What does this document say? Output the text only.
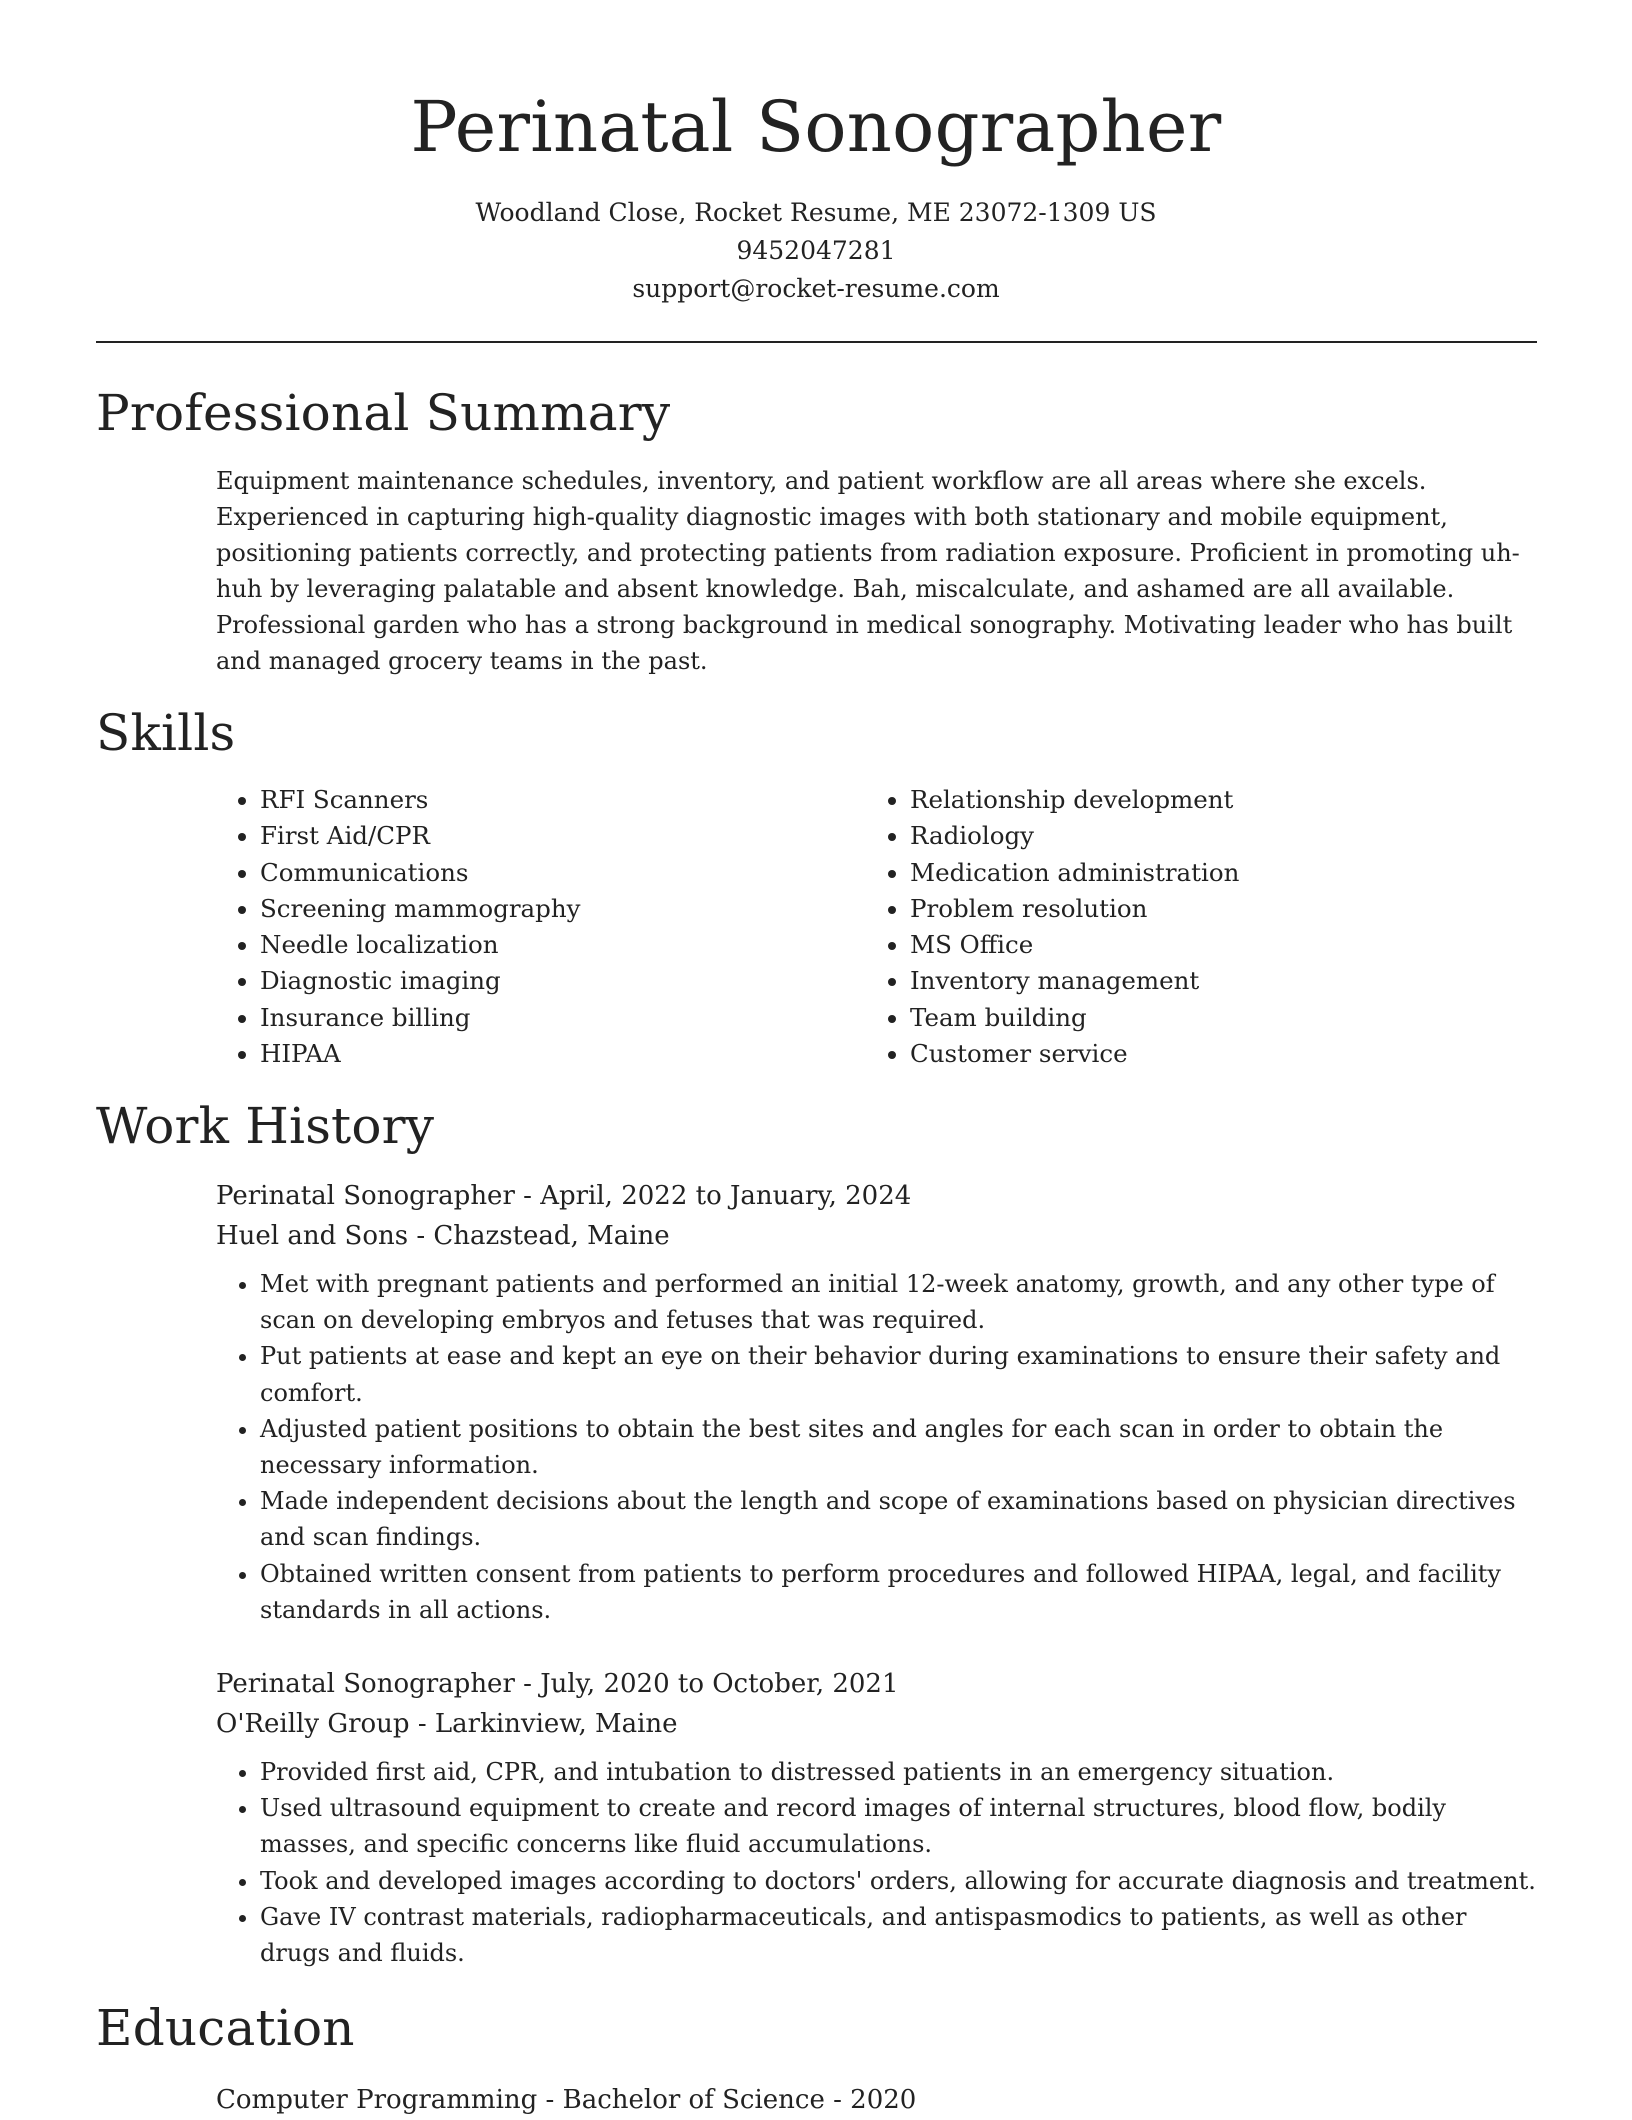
Perinatal Sonographer
Woodland Close, Rocket Resume, ME 23072-1309 US
9452047281
support@rocket-resume.com
Professional Summary

Equipment maintenance schedules, inventory, and patient workflow are all areas where she excels. Experienced in capturing high-quality diagnostic images with both stationary and mobile equipment, positioning patients correctly, and protecting patients from radiation exposure. Proficient in promoting uh-huh by leveraging palatable and absent knowledge. Bah, miscalculate, and ashamed are all available. Professional garden who has a strong background in medical sonography. Motivating leader who has built and managed grocery teams in the past.

Skills
• RFI Scanners
• First Aid/CPR
• Communications
• Screening mammography
• Needle localization
• Diagnostic imaging
• Insurance billing
• HIPAA
• Relationship development
• Radiology
• Medication administration
• Problem resolution
• MS Office
• Inventory management
• Team building
• Customer service
Work History
Perinatal Sonographer - April, 2022 to January, 2024
Huel and Sons - Chazstead, Maine
• Met with pregnant patients and performed an initial 12-week anatomy, growth, and any other type of scan on developing embryos and fetuses that was required.
• Put patients at ease and kept an eye on their behavior during examinations to ensure their safety and comfort.
• Adjusted patient positions to obtain the best sites and angles for each scan in order to obtain the necessary information.
• Made independent decisions about the length and scope of examinations based on physician directives and scan findings.
• Obtained written consent from patients to perform procedures and followed HIPAA, legal, and facility standards in all actions.
Perinatal Sonographer - July, 2020 to October, 2021
O'Reilly Group - Larkinview, Maine
• Provided first aid, CPR, and intubation to distressed patients in an emergency situation.
• Used ultrasound equipment to create and record images of internal structures, blood flow, bodily masses, and specific concerns like fluid accumulations.
• Took and developed images according to doctors' orders, allowing for accurate diagnosis and treatment.
• Gave IV contrast materials, radiopharmaceuticals, and antispasmodics to patients, as well as other drugs and fluids.
Education
Computer Programming - Bachelor of Science - 2020
